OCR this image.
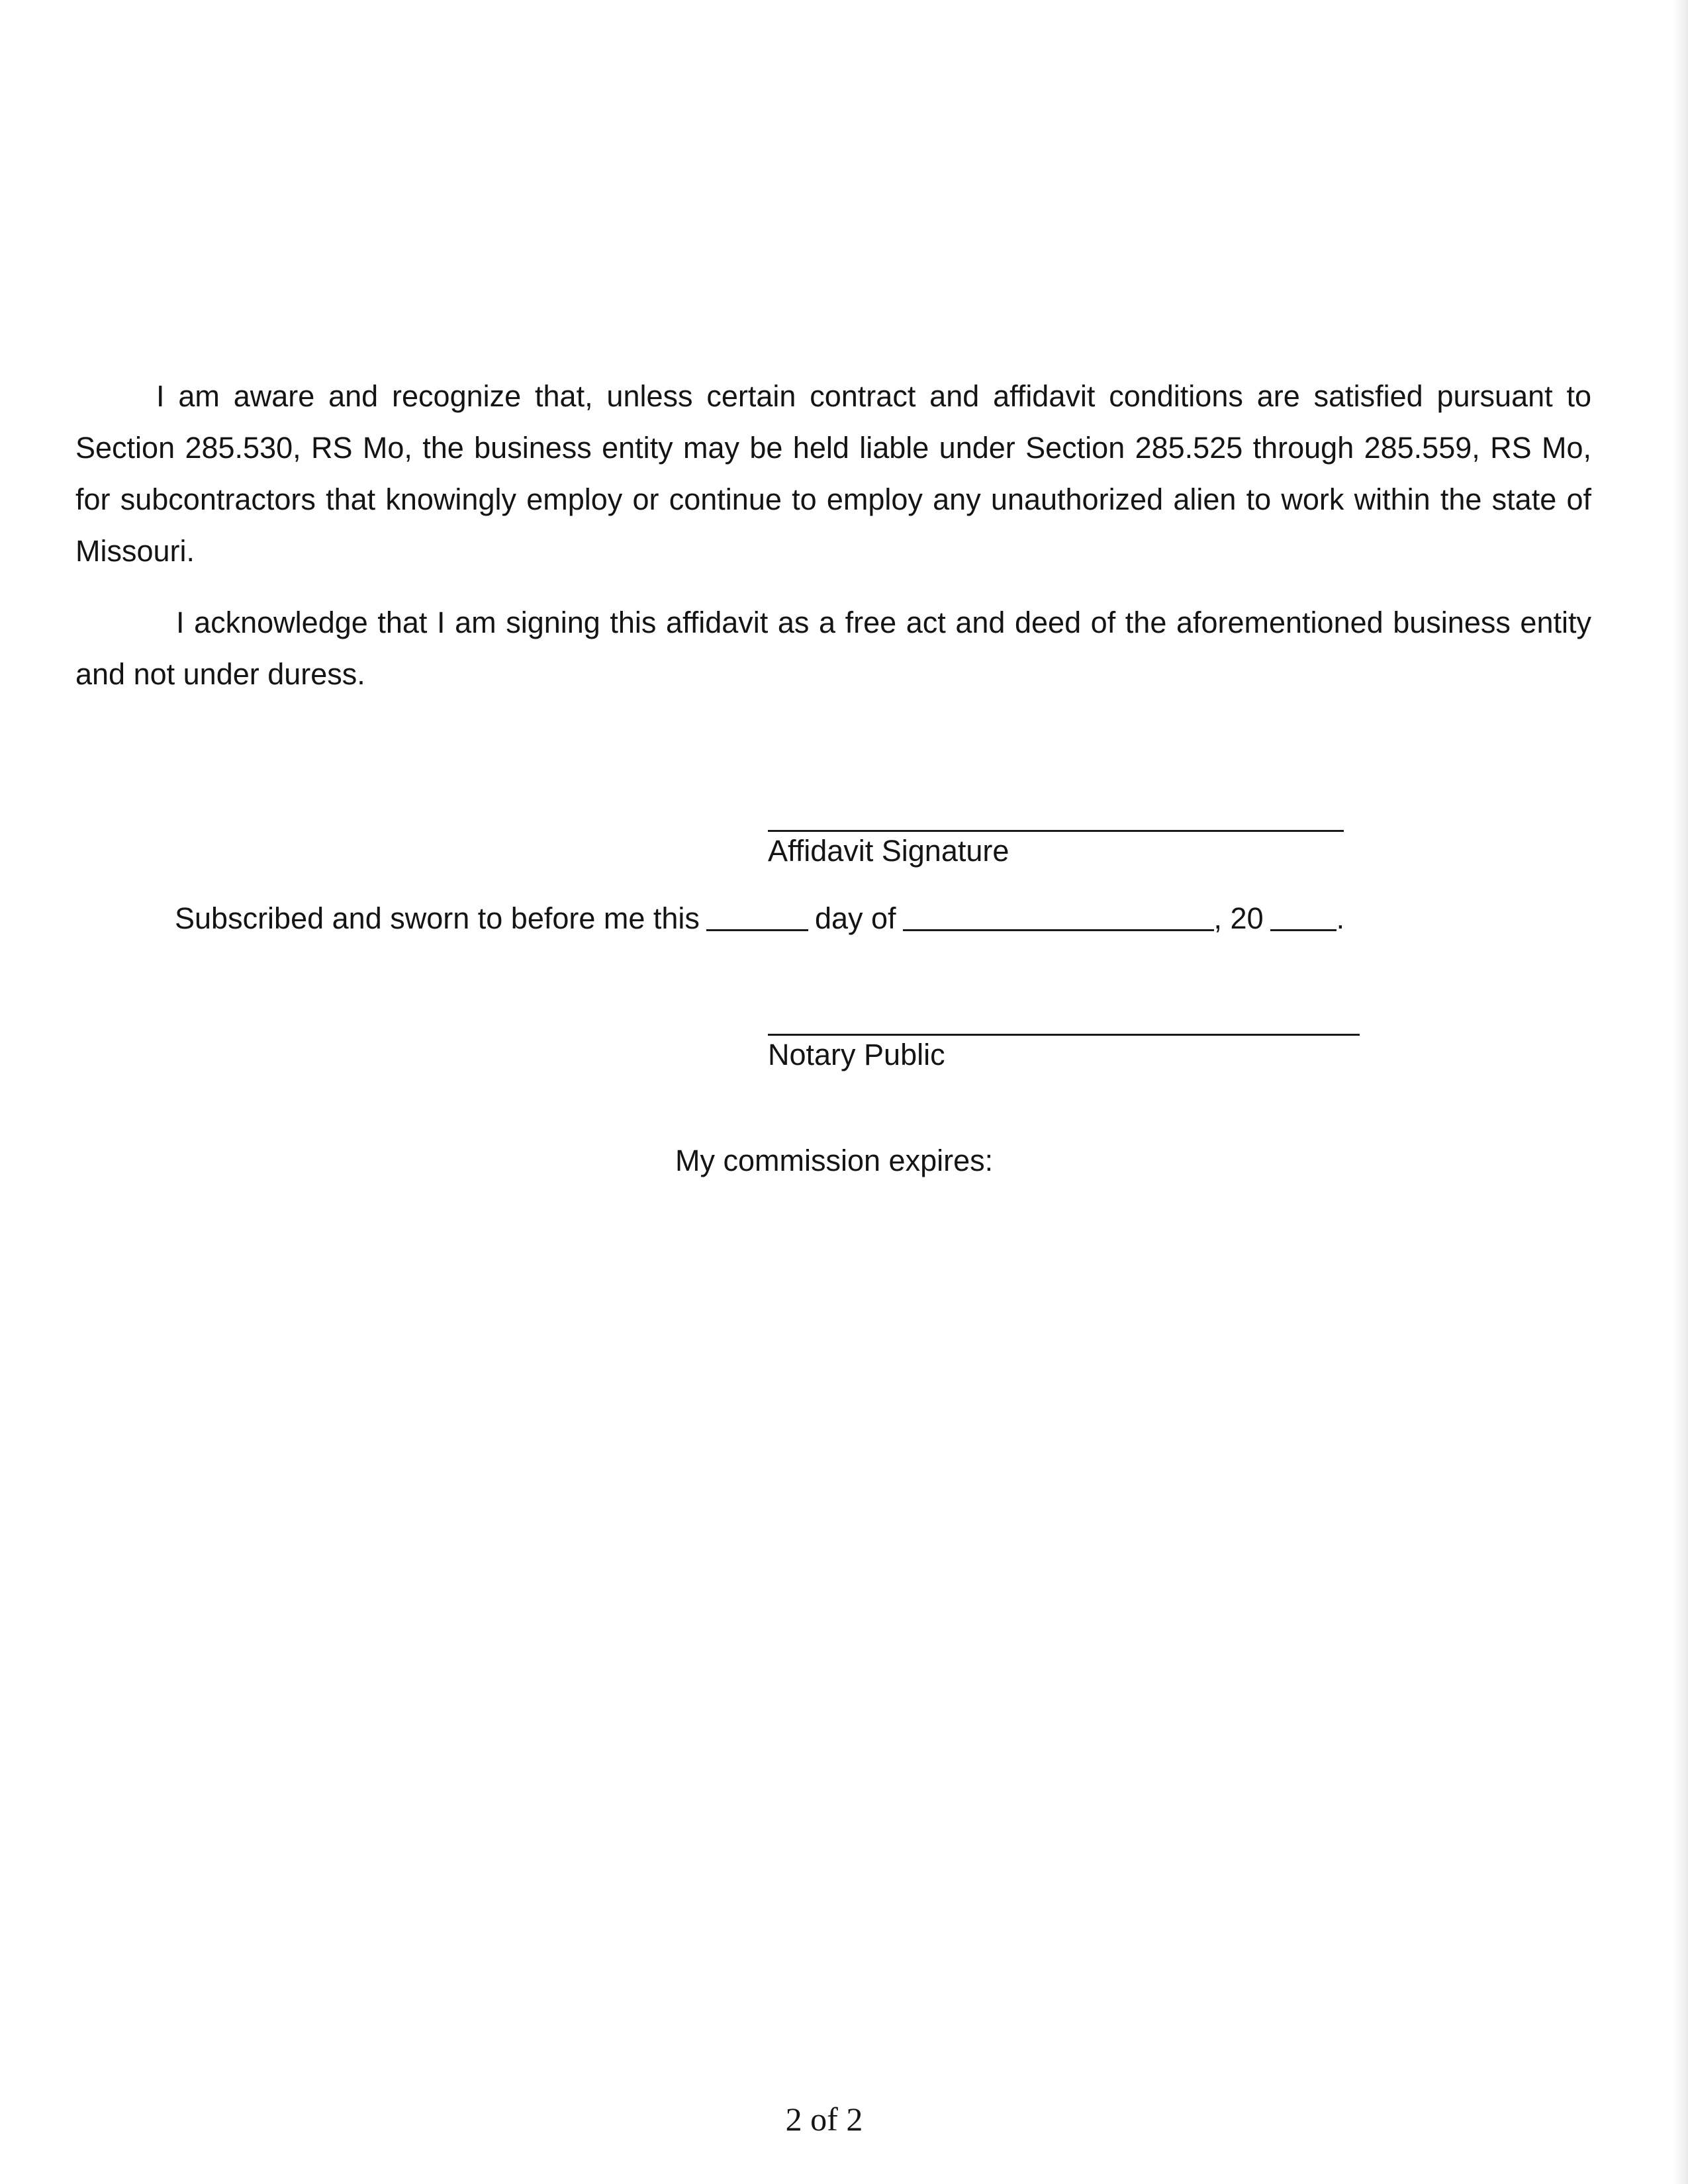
I am aware and recognize that, unless certain contract and affidavit conditions are satisfied pursuant to Section 285.530, RS Mo, the business entity may be held liable under Section 285.525 through 285.559, RS Mo, for subcontractors that knowingly employ or continue to employ any unauthorized alien to work within the state of Missouri.

I acknowledge that I am signing this affidavit as a free act and deed of the aforementioned business entity and not under duress.

Affidavit Signature
Subscribed and sworn to before me this	day of	, 20 .
Notary Public
My commission expires:
2 of 2
